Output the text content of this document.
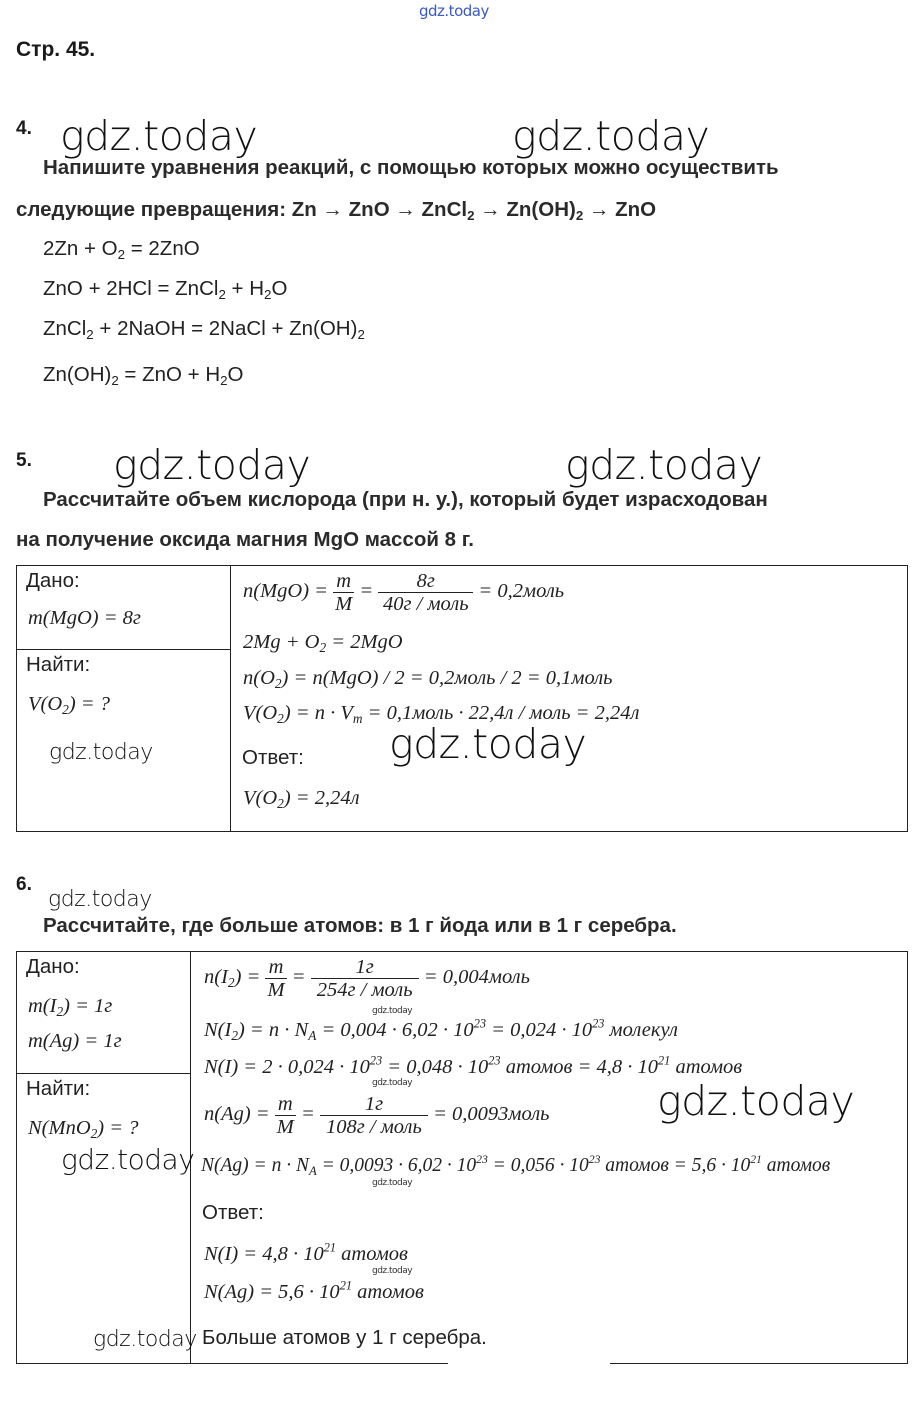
gdz.today
Стр. 45.
4. gdz.today	gdz.today
Напишите уравнения реакций, с помощью которых можно осуществить
следующие превращения: Zn → ZnO → ZnCl$_2$ → $Zn(OH)_2$ → ZnO
$2Zn + O_2 = 2ZnO$
ZnO + 2HCl = ZnCl$_2$ + $H_2O$
ZnCl$_2$ + 2NaOH = 2NaCl + $Zn(OH)_2$
$Zn(OH)_2$ = ZnO + $H_2O$
5. gdz.today	gdz.today
Рассчитайте объем кислорода (при н. у.), который будет израсходован
на получение оксида магния MgO массой 8 г.
Дано:
m(MgO) = 8г
Найти:
$V(O_2)$ = ?
gdz.today
$n(MgO) = \frac{m}{M} = \frac{8г}{\text{40г / моль}}$ = 0,2моль
$2Mg + O_2 = 2MgO$
$n(O_2) = n(MgO) / 2$ = 0,2моль / 2 = 0,1моль
$V(O_2) = n \cdot V_m$ = 0,1моль · 22,4л / моль = 2,24л
gdz.today
Ответ:
$V(O_2) = 2,24л$
6.
gdz.today
Рассчитайте, где больше атомов: в 1 г йода или в 1 г серебра.
Дано:
$m(I_2) = 1г$
m(Ag) = 1г
Найти:
N(MnO$_2$) = ?
gdz.today
gdz.today
$n(I_2) = \frac{m}{M} = \frac{1г}{\text{254г / моль}}$ = 0,004моль
gdz.today
$N(I_2) = n \cdot N_A = 0,004 \cdot 6,02 \cdot 10^{23} = 0,024 \cdot 10^{23}$ молекул
$N(I) = 2 \cdot 0,024 \cdot 10^{23} = 0,048 \cdot 10^{23}$ атомов = $4,8 \cdot 10^{21}$ атомов
gdz.today
$n(Ag) = \frac{m}{M} = \frac{1г}{\text{108г / моль}}$ = 0,0093моль	gdz.today
$N(Ag) = n \cdot N_A = 0,0093 \cdot 6,02 \cdot 10^{23} = 0,056 \cdot 10^{23}$ атомов = $5,6 \cdot 10^{21}$ атомов
gdz.today
Ответ:
$N(I) = 4,8 \cdot 10^{21}$ атомов
gdz.today
$N(Ag) = 5,6 \cdot 10^{21}$ атомов
Больше атомов у 1 г серебра.
